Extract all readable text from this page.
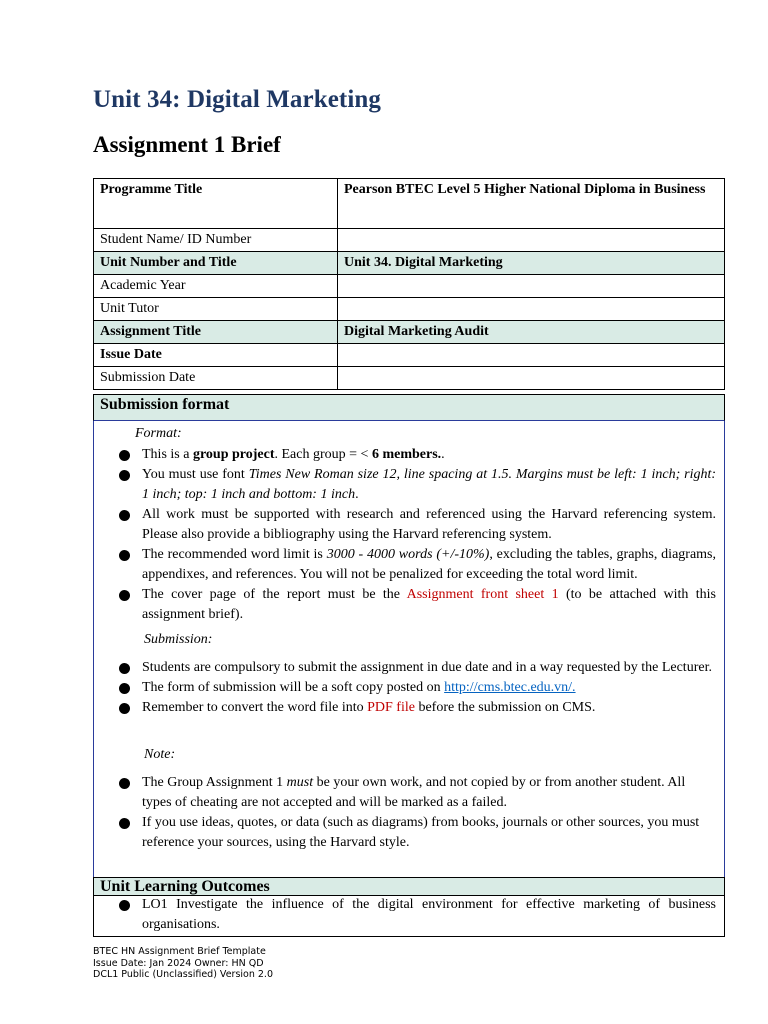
Unit 34: Digital Marketing
Assignment 1 Brief
Programme Title	Pearson BTEC Level 5 Higher National Diploma in Business
Student Name/ ID Number	
Unit Number and Title	Unit 34. Digital Marketing
Academic Year	
Unit Tutor	
Assignment Title	Digital Marketing Audit
Issue Date	
Submission Date	
Submission format
Format:
This is a group project. Each group = < 6 members..
You must use font Times New Roman size 12, line spacing at 1.5. Margins must be left: 1 inch; right: 1 inch; top: 1 inch and bottom: 1 inch.
All work must be supported with research and referenced using the Harvard referencing system. Please also provide a bibliography using the Harvard referencing system.
The recommended word limit is 3000 - 4000 words (+/-10%), excluding the tables, graphs, diagrams, appendixes, and references. You will not be penalized for exceeding the total word limit.
The cover page of the report must be the Assignment front sheet 1 (to be attached with this assignment brief).
Submission:
Students are compulsory to submit the assignment in due date and in a way requested by the Lecturer.
The form of submission will be a soft copy posted on http://cms.btec.edu.vn/.
Remember to convert the word file into PDF file before the submission on CMS.
Note:
The Group Assignment 1 must be your own work, and not copied by or from another student. All types of cheating are not accepted and will be marked as a failed.
If you use ideas, quotes, or data (such as diagrams) from books, journals or other sources, you must reference your sources, using the Harvard style.
Unit Learning Outcomes
LO1 Investigate the influence of the digital environment for effective marketing of business organisations.
BTEC HN Assignment Brief Template
Issue Date: Jan 2024 Owner: HN QD
DCL1 Public (Unclassified) Version 2.0
